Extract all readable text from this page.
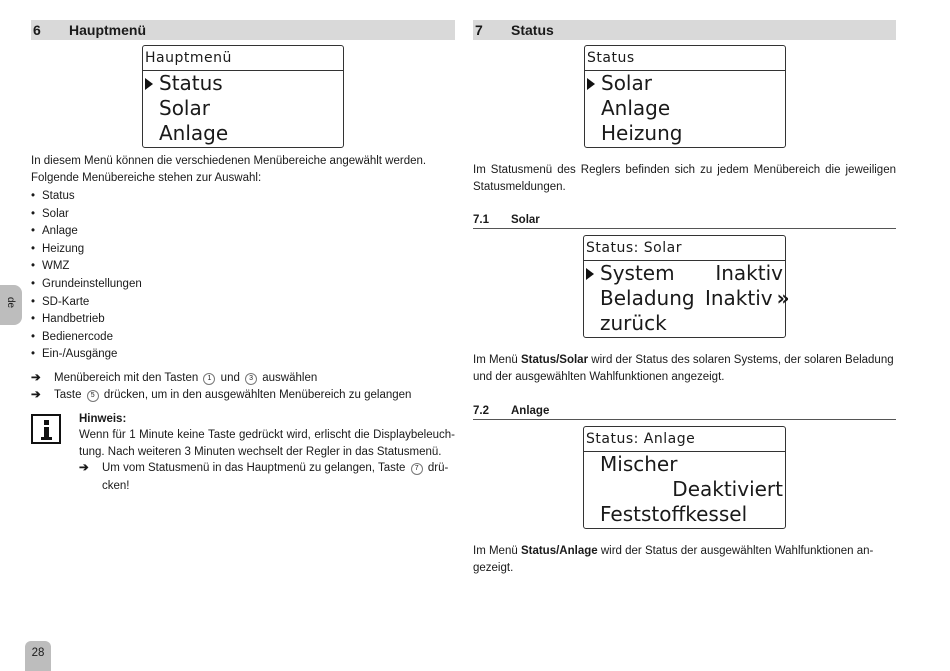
de
28
6 Hauptmenü
Hauptmenü
Status
Solar
Anlage

In diesem Menü können die verschiedenen Menübereiche angewählt werden.

Folgende Menübereiche stehen zur Auswahl:

• Status
• Solar
• Anlage
• Heizung
• WMZ
• Grundeinstellungen
• SD-Karte
• Handbetrieb
• Bedienercode
• Ein-/Ausgänge
➔ Menübereich mit den Tasten 1 und 3 auswählen
➔ Taste 5 drücken, um in den ausgewählten Menübereich zu gelangen
Hinweis:
Wenn für 1 Minute keine Taste gedrückt wird, erlischt die Displaybeleuch-tung. Nach weiteren 3 Minuten wechselt der Regler in das Statusmenü.
➔ Um vom Statusmenü in das Hauptmenü zu gelangen, Taste 7 drü-cken!
7 Status
Status
Solar
Anlage
Heizung

Im Statusmenü des Reglers befinden sich zu jedem Menübereich die jeweiligen Statusmeldungen.

7.1 Solar
Status: Solar
System Inaktiv
Beladung Inaktiv »
zurück

Im Menü Status/Solar wird der Status des solaren Systems, der solaren Beladung und der ausgewählten Wahlfunktionen angezeigt.

7.2 Anlage
Status: Anlage
Mischer
Deaktiviert
Feststoffkessel

Im Menü Status/Anlage wird der Status der ausgewählten Wahlfunktionen an-gezeigt.
